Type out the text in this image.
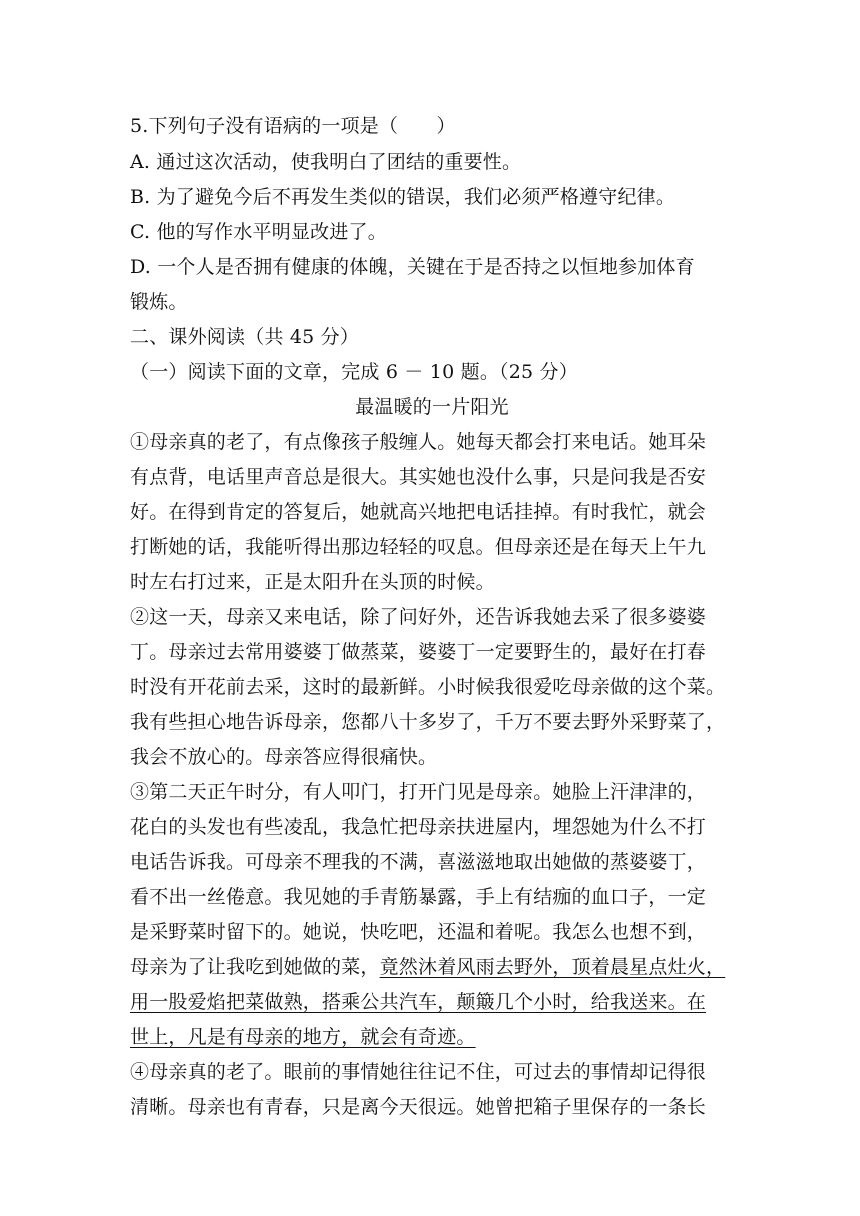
5.下列句子没有语病的一项是（　　）
A. 通过这次活动，使我明白了团结的重要性。
B. 为了避免今后不再发生类似的错误，我们必须严格遵守纪律。
C. 他的写作水平明显改进了。
D. 一个人是否拥有健康的体魄，关键在于是否持之以恒地参加体育
锻炼。
二、课外阅读（共 45 分）
（一）阅读下面的文章，完成 6 － 10 题。（25 分）
最温暖的一片阳光
①母亲真的老了，有点像孩子般缠人。她每天都会打来电话。她耳朵
有点背，电话里声音总是很大。其实她也没什么事，只是问我是否安
好。在得到肯定的答复后，她就高兴地把电话挂掉。有时我忙，就会
打断她的话，我能听得出那边轻轻的叹息。但母亲还是在每天上午九
时左右打过来，正是太阳升在头顶的时候。
②这一天，母亲又来电话，除了问好外，还告诉我她去采了很多婆婆
丁。母亲过去常用婆婆丁做蒸菜，婆婆丁一定要野生的，最好在打春
时没有开花前去采，这时的最新鲜。小时候我很爱吃母亲做的这个菜。
我有些担心地告诉母亲，您都八十多岁了，千万不要去野外采野菜了，
我会不放心的。母亲答应得很痛快。
③第二天正午时分，有人叩门，打开门见是母亲。她脸上汗津津的，
花白的头发也有些凌乱，我急忙把母亲扶进屋内，埋怨她为什么不打
电话告诉我。可母亲不理我的不满，喜滋滋地取出她做的蒸婆婆丁，
看不出一丝倦意。我见她的手青筋暴露，手上有结痂的血口子，一定
是采野菜时留下的。她说，快吃吧，还温和着呢。我怎么也想不到，
母亲为了让我吃到她做的菜，竟然沐着风雨去野外，顶着晨星点灶火，
用一股爱焰把菜做熟，搭乘公共汽车，颠簸几个小时，给我送来。在
世上，凡是有母亲的地方，就会有奇迹。
④母亲真的老了。眼前的事情她往往记不住，可过去的事情却记得很
清晰。母亲也有青春，只是离今天很远。她曾把箱子里保存的一条长
